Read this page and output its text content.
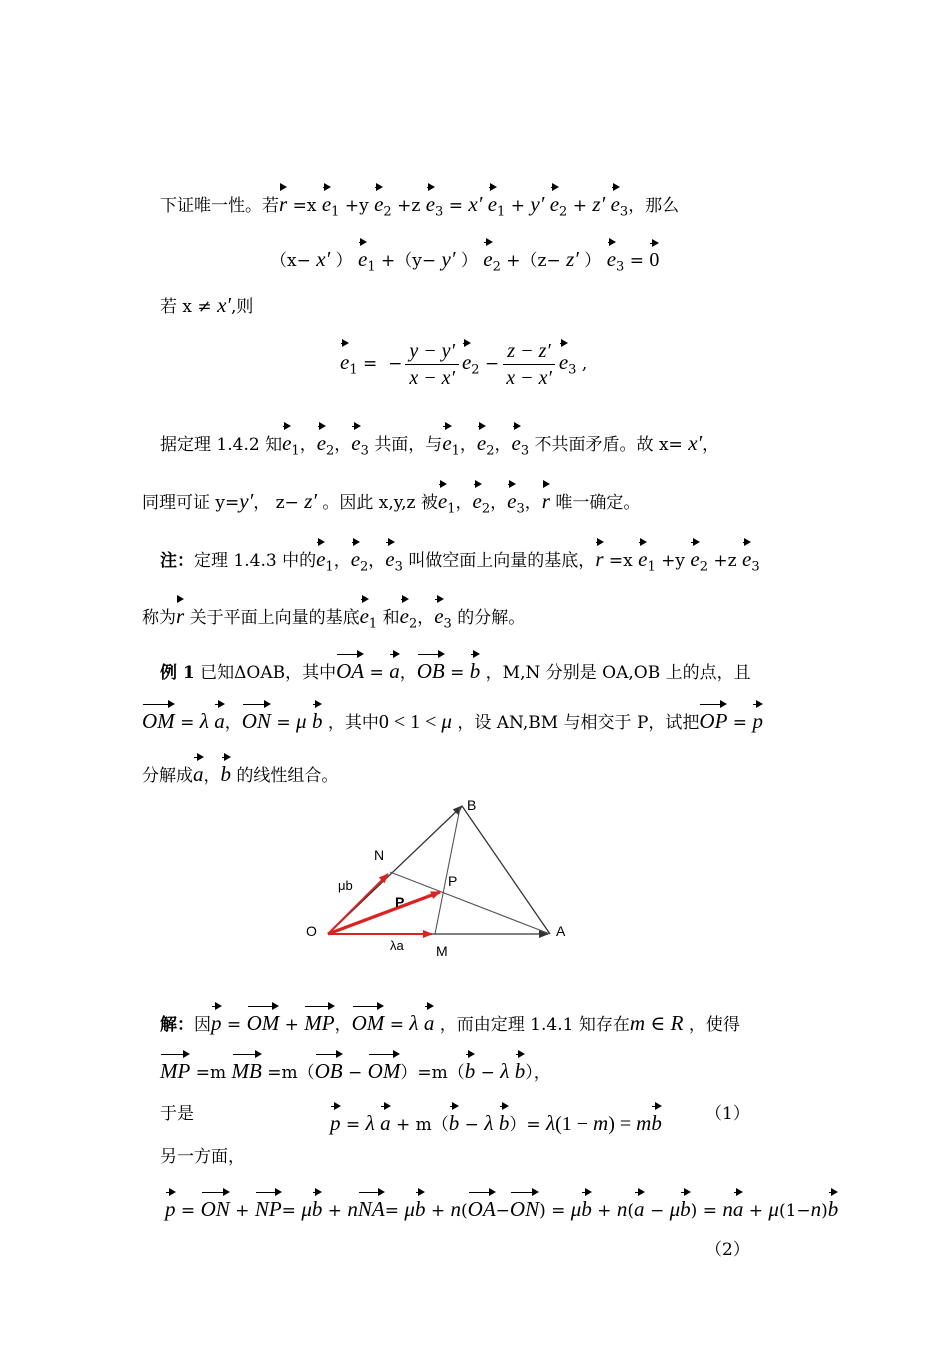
下证唯一性。若r =x $e_1 +y$ $e_2 +z$ $e_3 = x'$ $e_1 + y'$ $e_2 + z'$ $e_3$，那么
（x− x′ ） $e_1 +(y- y'$ ） $e_2 +(z- z'$ ） $e_3 = 0$
若 x ≠ x′,则
$e_1$ =  − $\frac{y - y'}{x - x'} e_2 - \frac{z - z'}{x - x'} e_3$ ,
据定理 1.4.2 知$e_1$，$e_2$，$e_3$ 共面，与$e_1$，$e_2$，$e_3$ 不共面矛盾。故 x= x′，
同理可证 y=y′， z− z′ 。因此 x,y,z 被$e_1$，$e_2$，$e_3$，r 唯一确定。
注：定理 1.4.3 中的$e_1$，$e_2$，$e_3$ 叫做空面上向量的基底，r =x $e_1 +y$ $e_2 +z$ $e_3$
称为r 关于平面上向量的基底$e_1$ 和$e_2$，$e_3$ 的分解。
例 1 已知ΔOAB，其中OA = a，OB = b ，M,N 分别是 OA,OB 上的点，且
OM = λ a，ON = μ b ，其中0 < 1 < μ ，设 AN,BM 与相交于 P，试把OP = p
分解成a，b 的线性组合。
O	A
B
N
M
P
P
μb
λa
解：因p = OM + MP，OM = λ a ，而由定理 1.4.1 知存在m ∈ R ，使得
MP =m MB =m（OB − OM）=m（b − λ b），
于是	p = λ a + m（b − λ b）= λ(1 − m) = mb	（1）
另一方面，
p = ON + NP= μb + nNA= μb + n(OA−ON) = μb + n(a − μb) = na + μ(1−n)b
（2）
